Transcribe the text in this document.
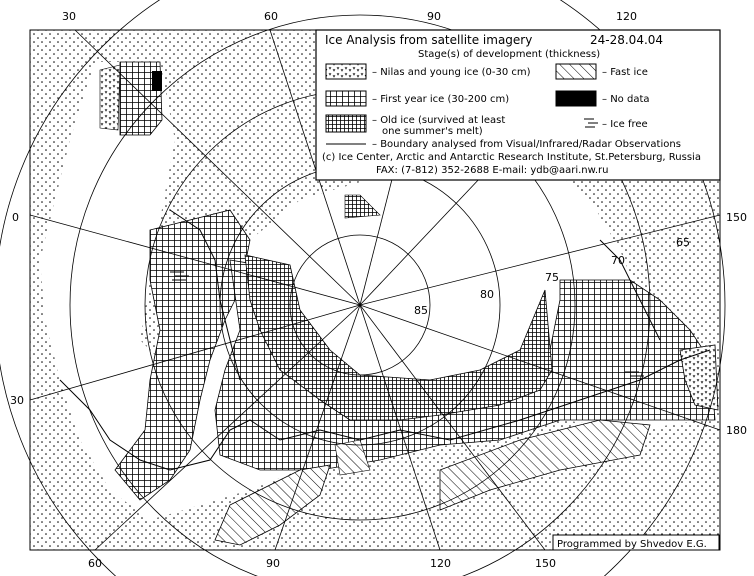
85
80
75
70
65
30	60	90	120
60	90	120	150
0
30
150
180
Ice Analysis from satellite imagery	24-28.04.04
Stage(s) of development (thickness)
– Nilas and young ice (0-30 cm)	– Fast ice
– First year ice (30-200 cm)	– No data
– Old ice (survived at least
one summer's melt)
– Ice free
– Boundary analysed from Visual/Infrared/Radar Observations
(c) Ice Center, Arctic and Antarctic Research Institute, St.Petersburg, Russia
FAX: (7-812) 352-2688 E-mail: ydb@aari.nw.ru
Programmed by Shvedov E.G.
